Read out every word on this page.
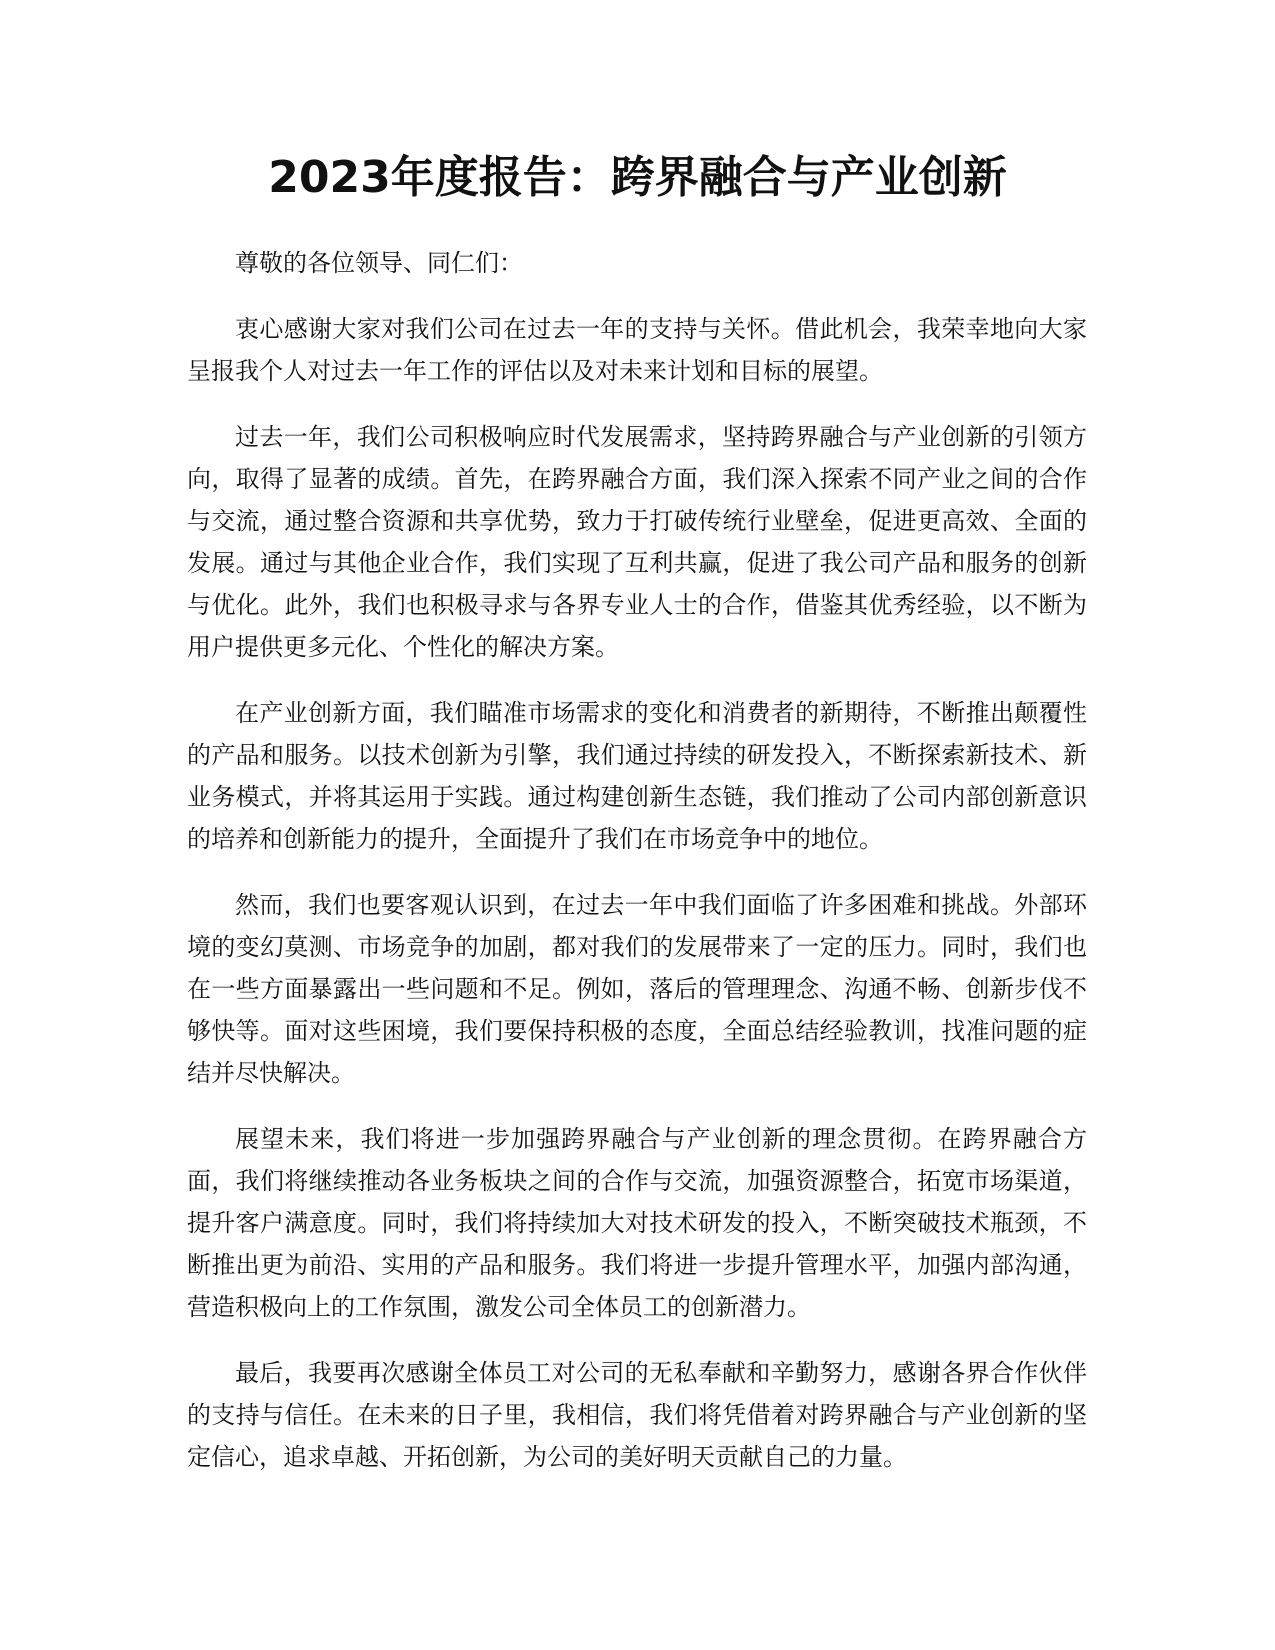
2023年度报告：跨界融合与产业创新

尊敬的各位领导、同仁们：

衷心感谢大家对我们公司在过去一年的支持与关怀。借此机会，我荣幸地向大家呈报我个人对过去一年工作的评估以及对未来计划和目标的展望。

过去一年，我们公司积极响应时代发展需求，坚持跨界融合与产业创新的引领方向，取得了显著的成绩。首先，在跨界融合方面，我们深入探索不同产业之间的合作与交流，通过整合资源和共享优势，致力于打破传统行业壁垒，促进更高效、全面的发展。通过与其他企业合作，我们实现了互利共赢，促进了我公司产品和服务的创新与优化。此外，我们也积极寻求与各界专业人士的合作，借鉴其优秀经验，以不断为用户提供更多元化、个性化的解决方案。

在产业创新方面，我们瞄准市场需求的变化和消费者的新期待，不断推出颠覆性的产品和服务。以技术创新为引擎，我们通过持续的研发投入，不断探索新技术、新业务模式，并将其运用于实践。通过构建创新生态链，我们推动了公司内部创新意识的培养和创新能力的提升，全面提升了我们在市场竞争中的地位。

然而，我们也要客观认识到，在过去一年中我们面临了许多困难和挑战。外部环境的变幻莫测、市场竞争的加剧，都对我们的发展带来了一定的压力。同时，我们也在一些方面暴露出一些问题和不足。例如，落后的管理理念、沟通不畅、创新步伐不够快等。面对这些困境，我们要保持积极的态度，全面总结经验教训，找准问题的症结并尽快解决。

展望未来，我们将进一步加强跨界融合与产业创新的理念贯彻。在跨界融合方面，我们将继续推动各业务板块之间的合作与交流，加强资源整合，拓宽市场渠道，提升客户满意度。同时，我们将持续加大对技术研发的投入，不断突破技术瓶颈，不断推出更为前沿、实用的产品和服务。我们将进一步提升管理水平，加强内部沟通，营造积极向上的工作氛围，激发公司全体员工的创新潜力。

最后，我要再次感谢全体员工对公司的无私奉献和辛勤努力，感谢各界合作伙伴的支持与信任。在未来的日子里，我相信，我们将凭借着对跨界融合与产业创新的坚定信心，追求卓越、开拓创新，为公司的美好明天贡献自己的力量。
